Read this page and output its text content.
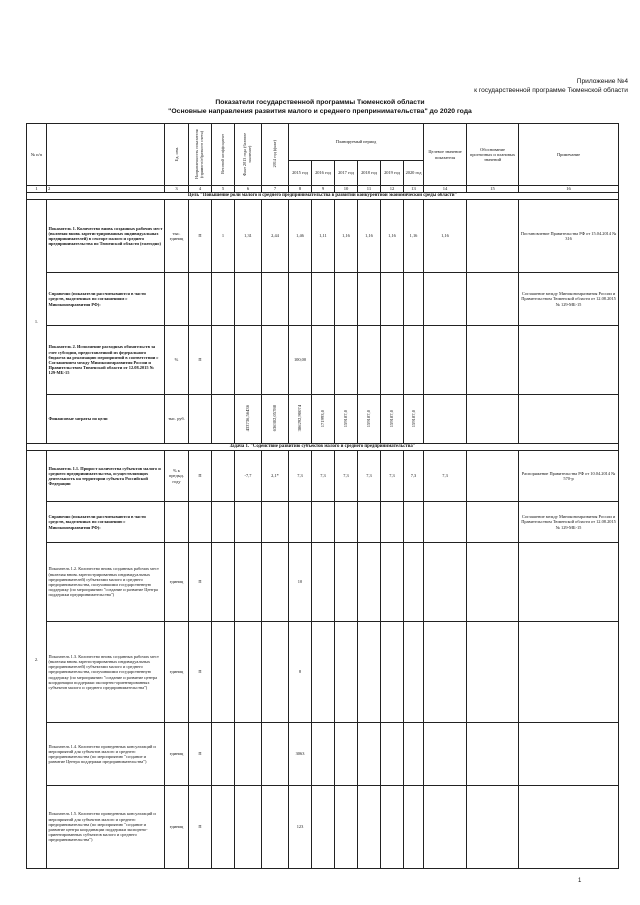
Приложение №4
к государственной программе Тюменской области
Показатели государственной программы Тюменской области
"Основные направления развития малого и среднего препринимательства" до 2020 года
№ п/п		Ед. изм.	Направленность показателя (прямого/обратного счета)	Весовой коэффициент	Факт 2013 года (базовое значение)	2014 год (факт)	Планируемый период						Целевое значение показателя	Обоснование прогнозных и плановых значений	Примечание
							2015 год	2016 год	2017 год	2018 год	2019 год	2020 год			
1	2	3	4	5	6	7	8	9	10	11	12	13	14	15	16
Цель "Повышение роли малого и среднего предпринимательства в развитии конкурентной экономической среды области"															
1.	Показатель 1. Количество вновь созданных рабочих мест (включая вновь зарегистрированных индивидуальных предпринимателей) в секторе малого и среднего предпринимательства по Тюменской области (ежегодно)	тыс. единиц	П	1	1,31	2,44	1,46	1,11	1,16	1,16	1,16	1,16	1,16		Постановление Правительства РФ от 15.04.2014 № 316
	Справочно (показатели рассчитываются в части средств, выделенных по соглашениям с Минэкономразвития РФ):														Соглашение между Минэкономразвития России и Правительством Тюменской области от 12.08.2015 № 129-МБ-15
	Показатель 2. Исполнение расходных обязательств за счет субсидии, предоставленной из федерального бюджета на реализацию мероприятий в соответствии с Соглашением между Минэкономразвития России и Правительством Тюменской области от 12.08.2015 № 129-МБ-15	%	П				100,00								
	Финансовые затраты по цели	тыс. руб.			433736,56436	636302,05788	386292,90074	171993,0	159187,0	159187,0	159187,0	159187,0			
Задача 1. "Содействие развитию субъектов малого и среднего предпринимательства"															
2.	Показатель 1.1. Прирост количества субъектов малого и среднего предпринимательства, осуществляющих деятельность на территории субъекта Российской Федерации	% к предыд. году	П		-7,7	2,1*	7,3	7,3	7,3	7,3	7,3	7,3	7,3		Распоряжение Правительства РФ от 10.04.2014 № 570-р
	Справочно (показатели рассчитываются в части средств, выделенных по соглашению с Минэкономразвития РФ):														Соглашение между Минэкономразвития России и Правительством Тюменской области от 12.08.2015 № 129-МБ-15
	Показатель 1.2. Количество вновь созданных рабочих мест (включая вновь зарегистрированных индивидуальных предпринимателей) субъектами малого и среднего предпринимательства, получившими государственную поддержку (по мероприятию "создание и развитие Центра поддержки предпринимательства")	единиц	П				10								
	Показатель 1.3. Количество вновь созданных рабочих мест (включая вновь зарегистрированных индивидуальных предпринимателей) субъектами малого и среднего предпринимательства, получившими государственную поддержку (по мероприятию "создание и развитие центра координации поддержки экспортно-ориентированных субъектов малого и среднего предпринимательства")	единиц	П				8								
	Показатель 1.4. Количество проведенных консультаций и мероприятий для субъектов малого и среднего предпринимательства (по мероприятию "создание и развитие Центра поддержки предпринимательства")	единиц	П				3063								
	Показатель 1.5. Количество проведенных консультаций и мероприятий для субъектов малого и среднего предпринимательства (по мероприятию "создание и развитие центра координации поддержки экспортно-ориентированных субъектов малого и среднего предпринимательства")	единиц	П				123								
1
